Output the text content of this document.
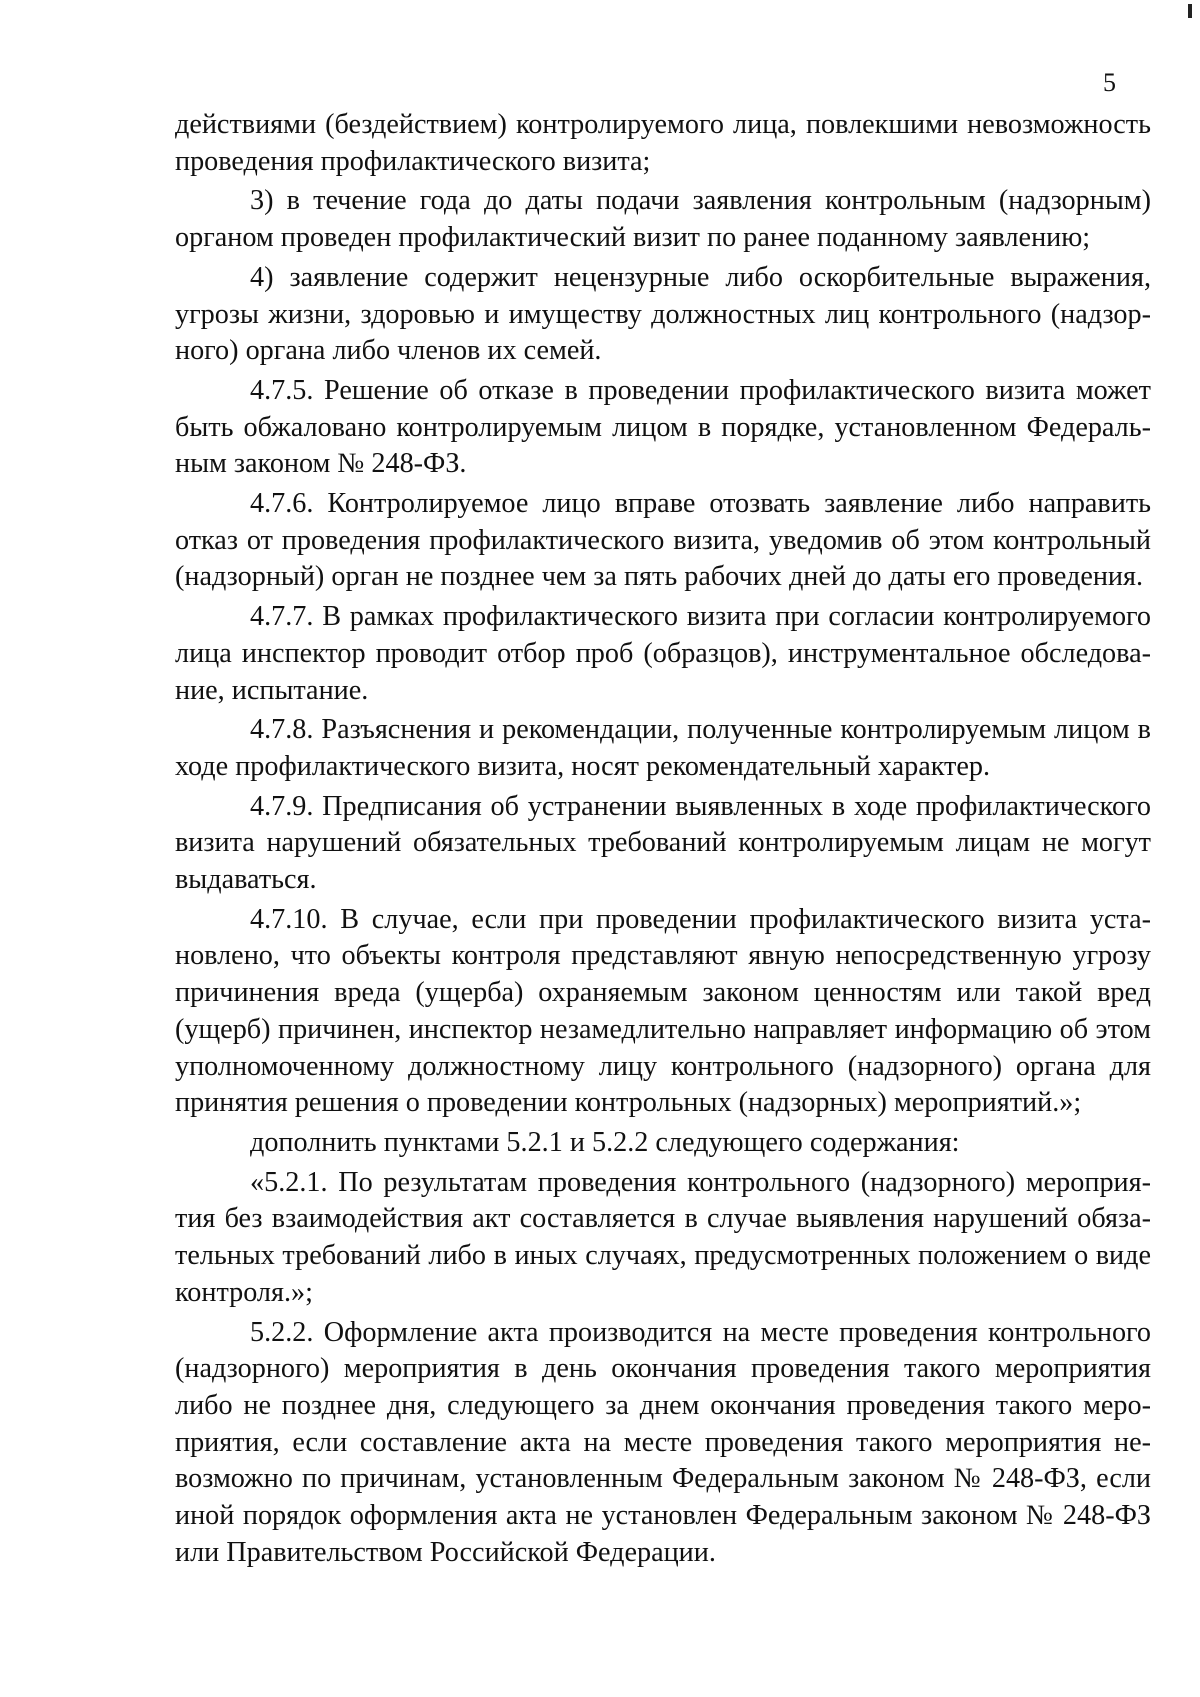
5

действиями (бездействием) контролируемого лица, повлекшими невозможность проведения профилактического визита;

3) в течение года до даты подачи заявления контрольным (надзорным) органом проведен профилактический визит по ранее поданному заявлению;

4) заявление содержит нецензурные либо оскорбительные выражения, угрозы жизни, здоровью и имуществу должностных лиц контрольного (надзорного) органа либо членов их семей.

4.7.5. Решение об отказе в проведении профилактического визита может быть обжаловано контролируемым лицом в порядке, установленном Федеральным законом № 248-ФЗ.

4.7.6. Контролируемое лицо вправе отозвать заявление либо направить отказ от проведения профилактического визита, уведомив об этом контрольный (надзорный) орган не позднее чем за пять рабочих дней до даты его проведения.

4.7.7. В рамках профилактического визита при согласии контролируемого лица инспектор проводит отбор проб (образцов), инструментальное обследование, испытание.

4.7.8. Разъяснения и рекомендации, полученные контролируемым лицом в ходе профилактического визита, носят рекомендательный характер.

4.7.9. Предписания об устранении выявленных в ходе профилактического визита нарушений обязательных требований контролируемым лицам не могут выдаваться.

4.7.10. В случае, если при проведении профилактического визита установлено, что объекты контроля представляют явную непосредственную угрозу причинения вреда (ущерба) охраняемым законом ценностям или такой вред (ущерб) причинен, инспектор незамедлительно направляет информацию об этом уполномоченному должностному лицу контрольного (надзорного) органа для принятия решения о проведении контрольных (надзорных) мероприятий.»;

дополнить пунктами 5.2.1 и 5.2.2 следующего содержания:

«5.2.1. По результатам проведения контрольного (надзорного) мероприятия без взаимодействия акт составляется в случае выявления нарушений обязательных требований либо в иных случаях, предусмотренных положением о виде контроля.»;

5.2.2. Оформление акта производится на месте проведения контрольного (надзорного) мероприятия в день окончания проведения такого мероприятия либо не позднее дня, следующего за днем окончания проведения такого мероприятия, если составление акта на месте проведения такого мероприятия невозможно по причинам, установленным Федеральным законом № 248-ФЗ, если иной порядок оформления акта не установлен Федеральным законом № 248-ФЗ или Правительством Российской Федерации.
